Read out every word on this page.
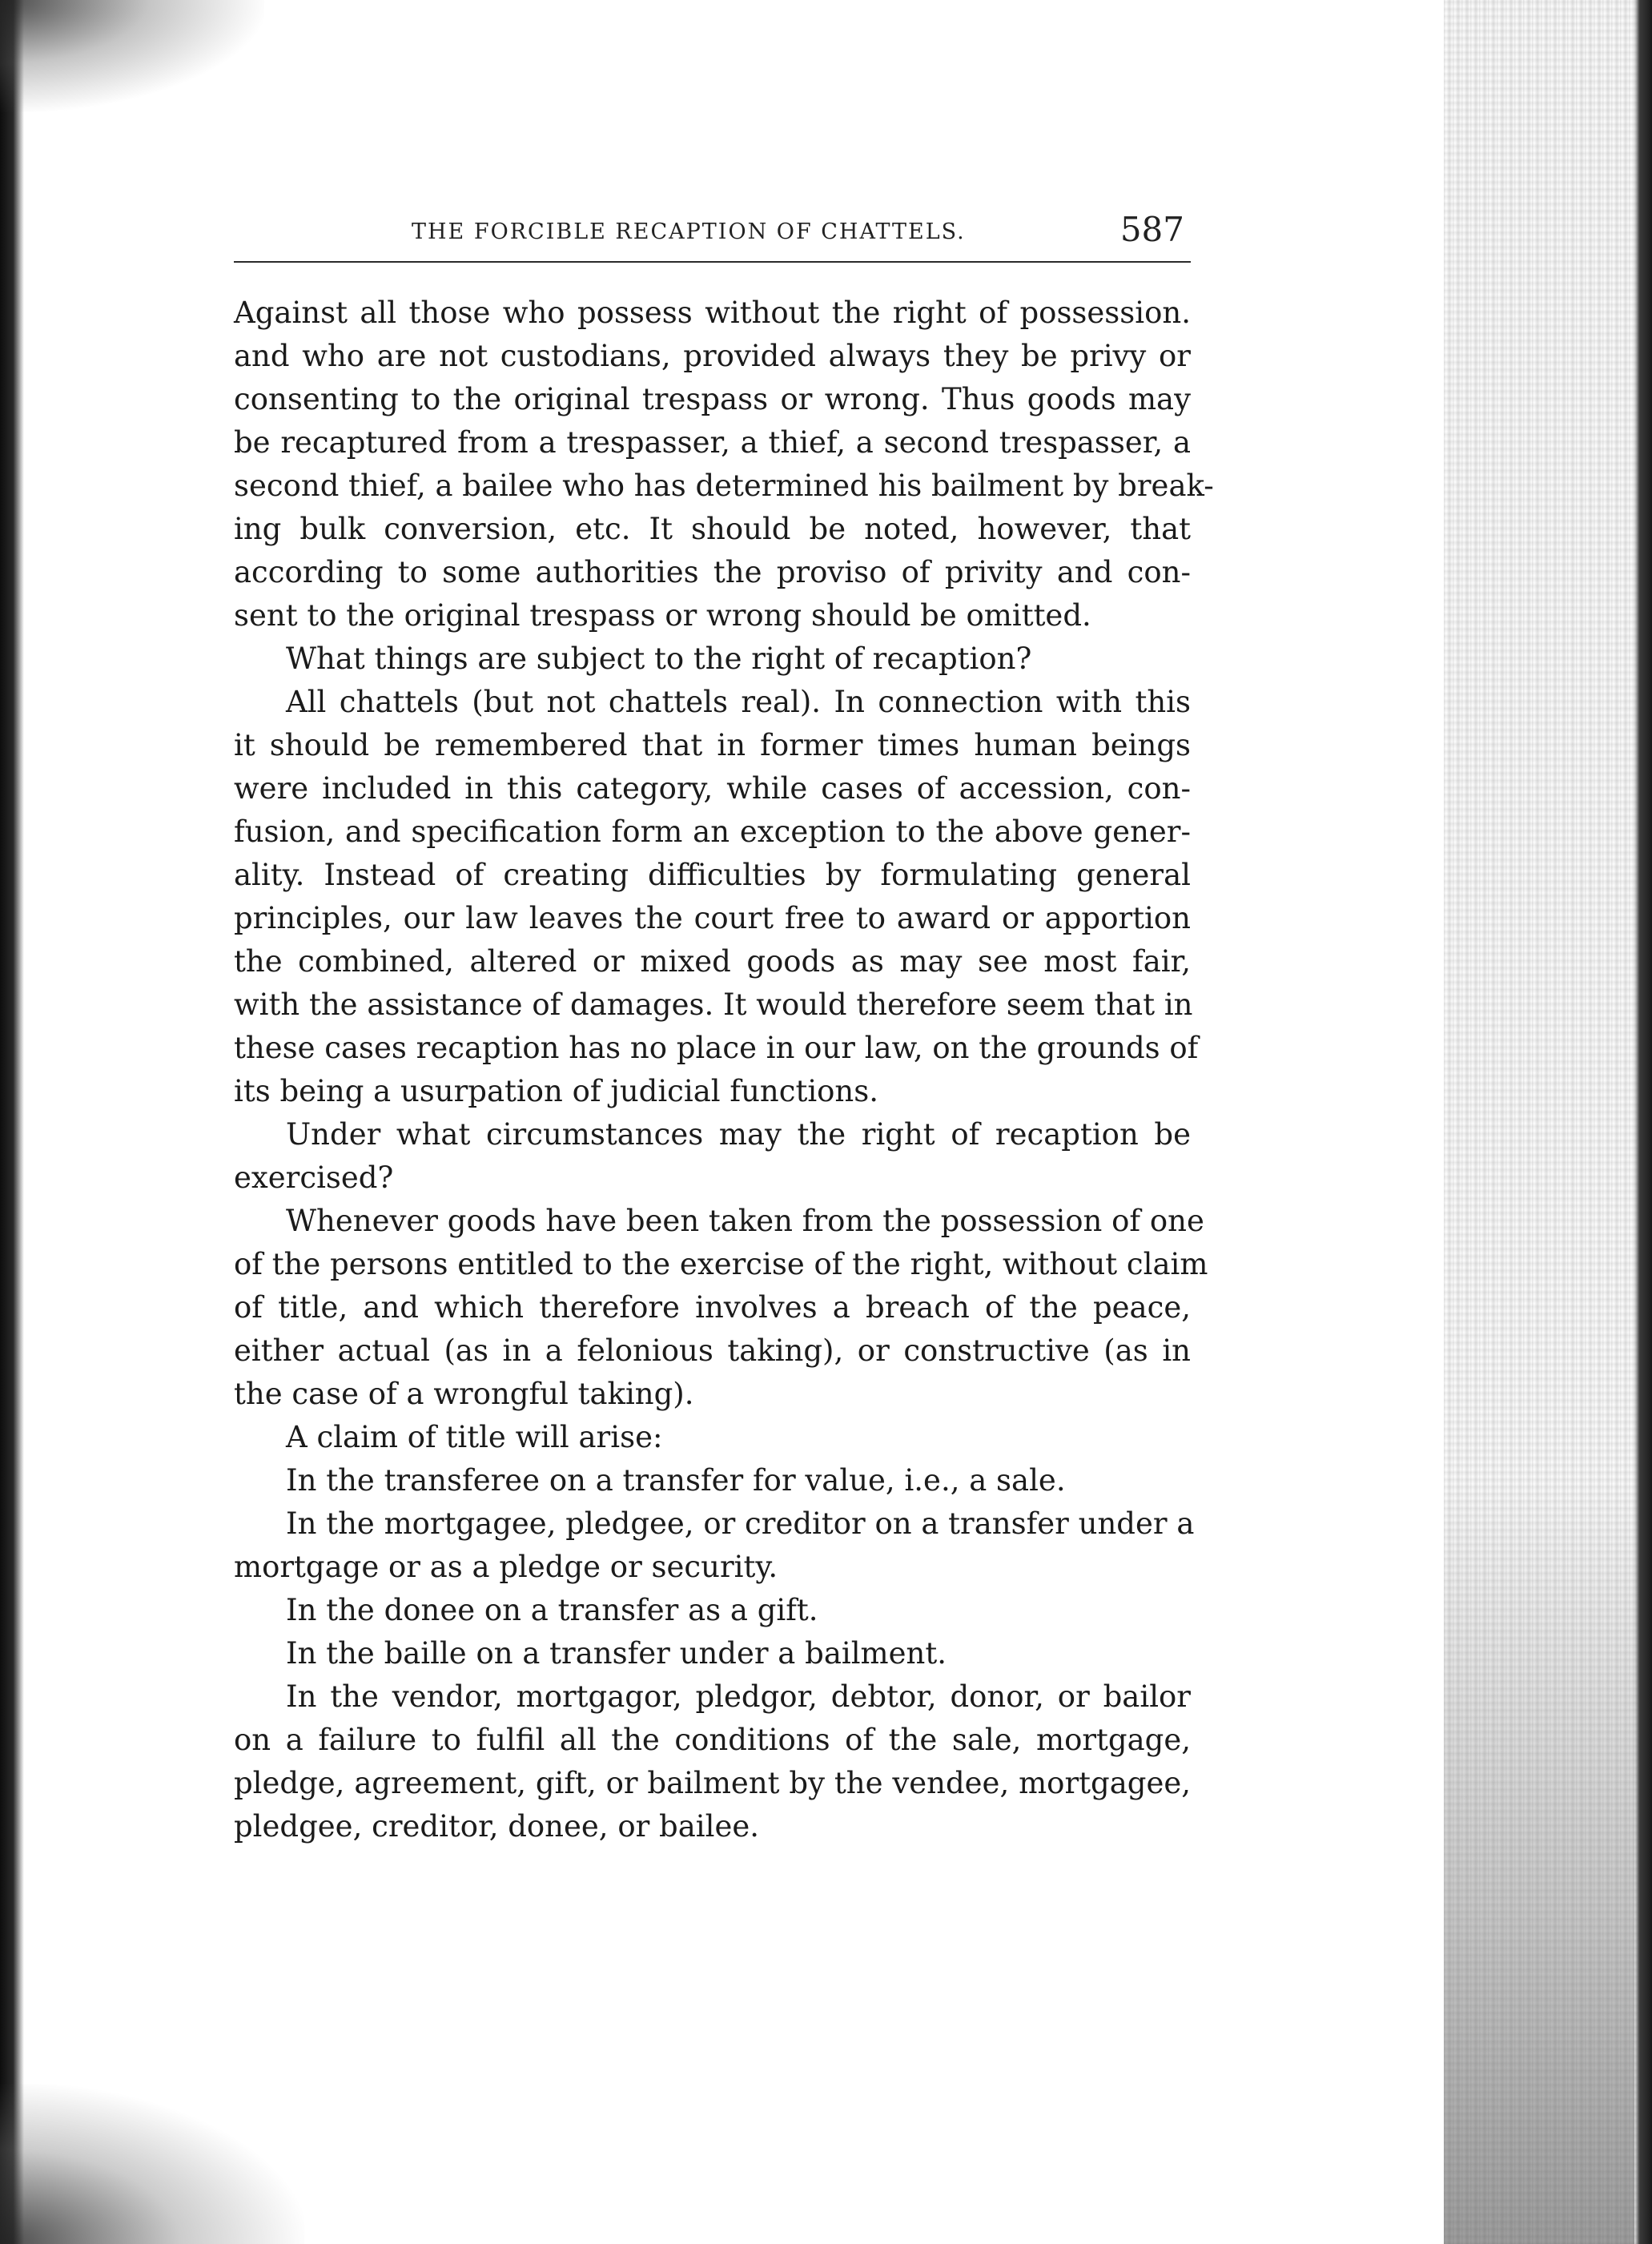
THE FORCIBLE RECAPTION OF CHATTELS.	587
Against all those who possess without the right of possession.
and who are not custodians, provided always they be privy or
consenting to the original trespass or wrong. Thus goods may
be recaptured from a trespasser, a thief, a second trespasser, a
second thief, a bailee who has determined his bailment by break-
ing bulk conversion, etc. It should be noted, however, that
according to some authorities the proviso of privity and con-
sent to the original trespass or wrong should be omitted.
What things are subject to the right of recaption?
All chattels (but not chattels real). In connection with this
it should be remembered that in former times human beings
were included in this category, while cases of accession, con-
fusion, and specification form an exception to the above gener-
ality. Instead of creating difficulties by formulating general
principles, our law leaves the court free to award or apportion
the combined, altered or mixed goods as may see most fair,
with the assistance of damages. It would therefore seem that in
these cases recaption has no place in our law, on the grounds of
its being a usurpation of judicial functions.
Under what circumstances may the right of recaption be
exercised?
Whenever goods have been taken from the possession of one
of the persons entitled to the exercise of the right, without claim
of title, and which therefore involves a breach of the peace,
either actual (as in a felonious taking), or constructive (as in
the case of a wrongful taking).
A claim of title will arise:
In the transferee on a transfer for value, i.e., a sale.
In the mortgagee, pledgee, or creditor on a transfer under a
mortgage or as a pledge or security.
In the donee on a transfer as a gift.
In the baille on a transfer under a bailment.
In the vendor, mortgagor, pledgor, debtor, donor, or bailor
on a failure to fulfil all the conditions of the sale, mortgage,
pledge, agreement, gift, or bailment by the vendee, mortgagee,
pledgee, creditor, donee, or bailee.
